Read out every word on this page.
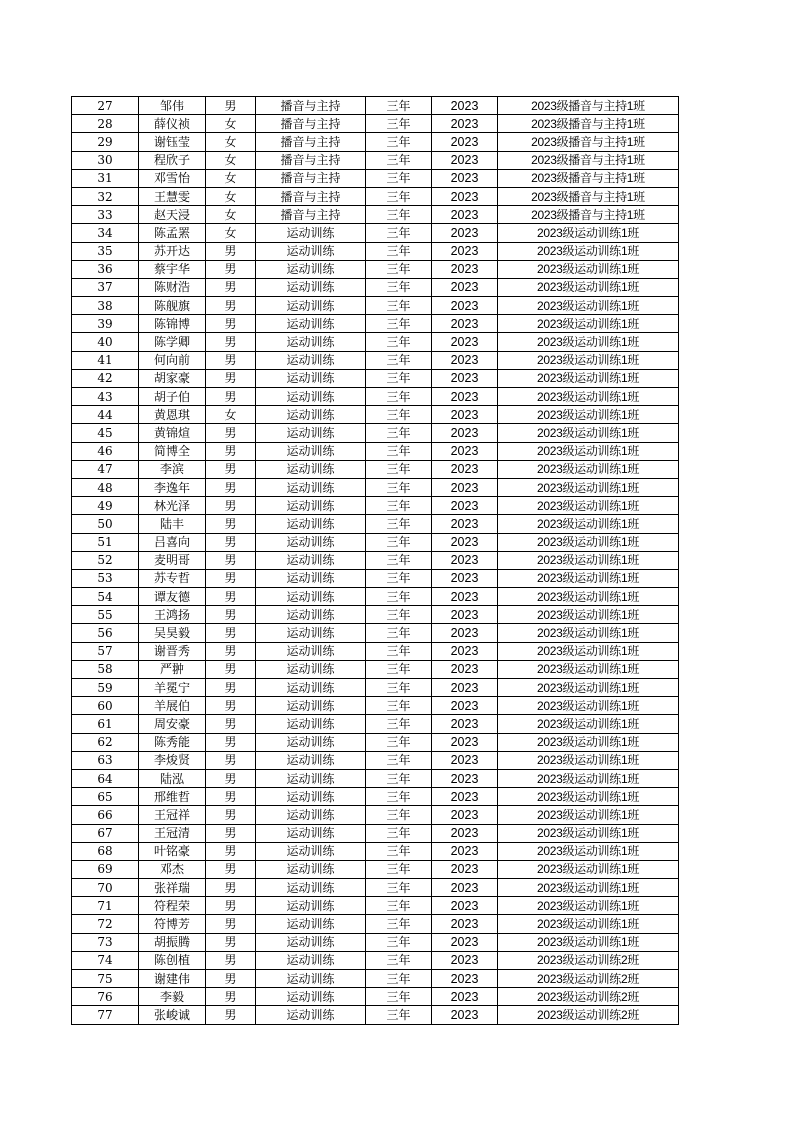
27	邹伟	男	播音与主持	三年	2023	2023级播音与主持1班
28	薛仪祯	女	播音与主持	三年	2023	2023级播音与主持1班
29	谢钰莹	女	播音与主持	三年	2023	2023级播音与主持1班
30	程欣子	女	播音与主持	三年	2023	2023级播音与主持1班
31	邓雪怡	女	播音与主持	三年	2023	2023级播音与主持1班
32	王慧雯	女	播音与主持	三年	2023	2023级播音与主持1班
33	赵天浸	女	播音与主持	三年	2023	2023级播音与主持1班
34	陈孟罴	女	运动训练	三年	2023	2023级运动训练1班
35	苏开达	男	运动训练	三年	2023	2023级运动训练1班
36	蔡宇华	男	运动训练	三年	2023	2023级运动训练1班
37	陈财浩	男	运动训练	三年	2023	2023级运动训练1班
38	陈舰旗	男	运动训练	三年	2023	2023级运动训练1班
39	陈锦博	男	运动训练	三年	2023	2023级运动训练1班
40	陈学卿	男	运动训练	三年	2023	2023级运动训练1班
41	何向前	男	运动训练	三年	2023	2023级运动训练1班
42	胡家豪	男	运动训练	三年	2023	2023级运动训练1班
43	胡子伯	男	运动训练	三年	2023	2023级运动训练1班
44	黄恩琪	女	运动训练	三年	2023	2023级运动训练1班
45	黄锦煊	男	运动训练	三年	2023	2023级运动训练1班
46	简博全	男	运动训练	三年	2023	2023级运动训练1班
47	李滨	男	运动训练	三年	2023	2023级运动训练1班
48	李逸年	男	运动训练	三年	2023	2023级运动训练1班
49	林光泽	男	运动训练	三年	2023	2023级运动训练1班
50	陆丰	男	运动训练	三年	2023	2023级运动训练1班
51	吕喜向	男	运动训练	三年	2023	2023级运动训练1班
52	麦明哥	男	运动训练	三年	2023	2023级运动训练1班
53	苏专哲	男	运动训练	三年	2023	2023级运动训练1班
54	谭友德	男	运动训练	三年	2023	2023级运动训练1班
55	王鸿扬	男	运动训练	三年	2023	2023级运动训练1班
56	吴昊毅	男	运动训练	三年	2023	2023级运动训练1班
57	谢晋秀	男	运动训练	三年	2023	2023级运动训练1班
58	严翀	男	运动训练	三年	2023	2023级运动训练1班
59	羊冕宁	男	运动训练	三年	2023	2023级运动训练1班
60	羊展伯	男	运动训练	三年	2023	2023级运动训练1班
61	周安豪	男	运动训练	三年	2023	2023级运动训练1班
62	陈秀能	男	运动训练	三年	2023	2023级运动训练1班
63	李焌贤	男	运动训练	三年	2023	2023级运动训练1班
64	陆泓	男	运动训练	三年	2023	2023级运动训练1班
65	邢维哲	男	运动训练	三年	2023	2023级运动训练1班
66	王冠祥	男	运动训练	三年	2023	2023级运动训练1班
67	王冠清	男	运动训练	三年	2023	2023级运动训练1班
68	叶铭豪	男	运动训练	三年	2023	2023级运动训练1班
69	邓杰	男	运动训练	三年	2023	2023级运动训练1班
70	张祥瑞	男	运动训练	三年	2023	2023级运动训练1班
71	符程荣	男	运动训练	三年	2023	2023级运动训练1班
72	符博芳	男	运动训练	三年	2023	2023级运动训练1班
73	胡振腾	男	运动训练	三年	2023	2023级运动训练1班
74	陈创植	男	运动训练	三年	2023	2023级运动训练2班
75	谢建伟	男	运动训练	三年	2023	2023级运动训练2班
76	李毅	男	运动训练	三年	2023	2023级运动训练2班
77	张峻诚	男	运动训练	三年	2023	2023级运动训练2班
